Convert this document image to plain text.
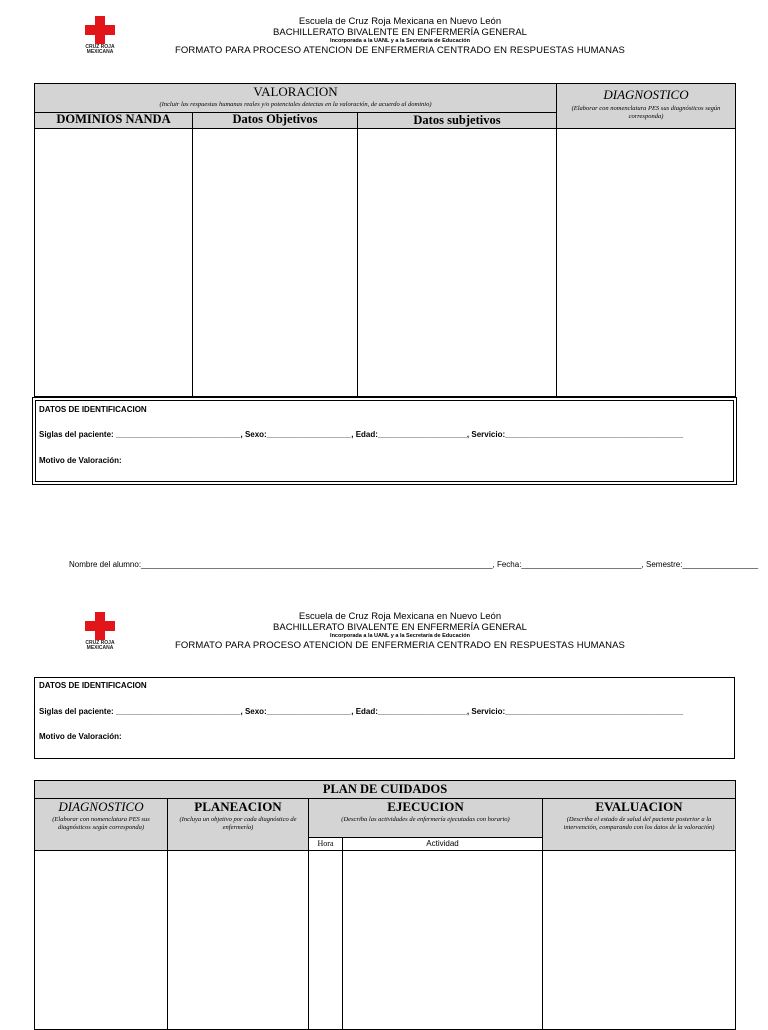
CRUZ ROJA
MEXICANA
Escuela de Cruz Roja Mexicana en Nuevo León
BACHILLERATO BIVALENTE EN ENFERMERÍA GENERAL
Incorporada a la UANL y a la Secretaría de Educación
FORMATO PARA PROCESO ATENCION DE ENFERMERIA CENTRADO EN RESPUESTAS HUMANAS
VALORACION
(Incluir las respuestas humanas reales y/o potenciales detectas en la valoración, de acuerdo al dominio)
DOMINIOS NANDA	Datos Objetivos	Datos subjetivos
DIAGNOSTICO
(Elaborar con nomenclatura PES sus diagnósticos según corresponda)
DATOS DE IDENTIFICACION
Siglas del paciente: ____________________________, Sexo:___________________, Edad:____________________, Servicio:________________________________________
Motivo de Valoración:
Nombre del alumno:_______________________________________________________________________________, Fecha:___________________________, Semestre:_________________
CRUZ ROJA
MEXICANA
Escuela de Cruz Roja Mexicana en Nuevo León
BACHILLERATO BIVALENTE EN ENFERMERÍA GENERAL
Incorporada a la UANL y a la Secretaría de Educación
FORMATO PARA PROCESO ATENCION DE ENFERMERIA CENTRADO EN RESPUESTAS HUMANAS
DATOS DE IDENTIFICACION
Siglas del paciente: ____________________________, Sexo:___________________, Edad:____________________, Servicio:________________________________________
Motivo de Valoración:
PLAN DE CUIDADOS
DIAGNOSTICO
(Elaborar con nomenclatura PES sus diagnósticos según corresponda)
PLANEACION
(Incluya un objetivo por cada diagnóstico de enfermería)
EJECUCION
(Describa las actividades de enfermería ejecutadas con horario)
Hora	Actividad
EVALUACION
(Describa el estado de salud del paciente posterior a la intervención, comparando con los datos de la valoración)
